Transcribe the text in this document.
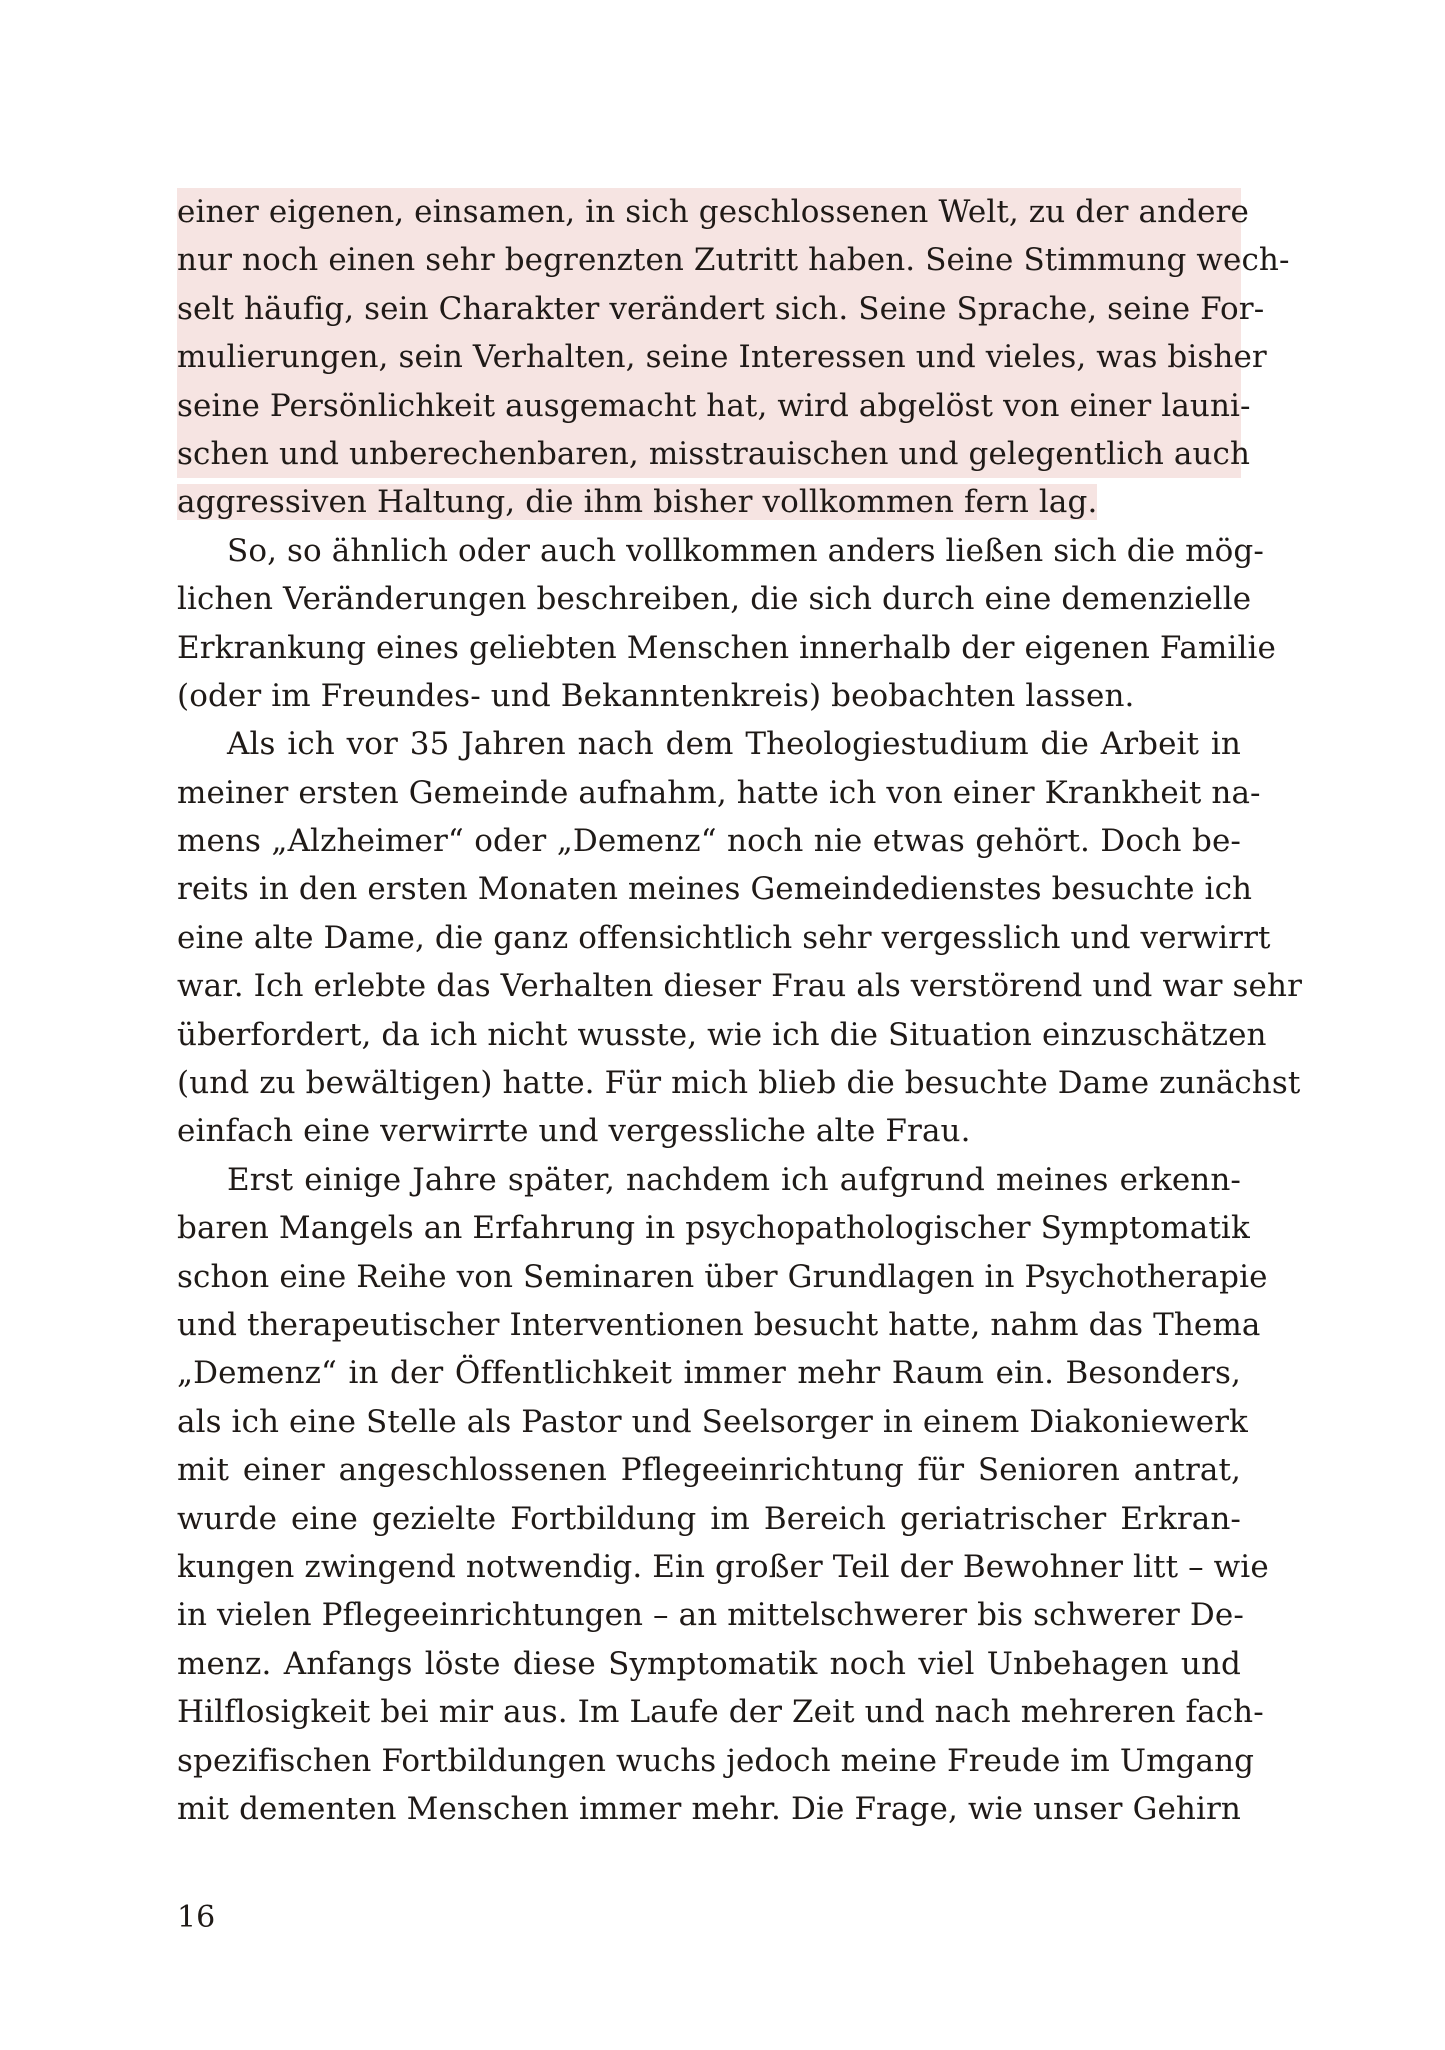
einer eigenen, einsamen, in sich geschlossenen Welt, zu der andere
nur noch einen sehr begrenzten Zutritt haben. Seine Stimmung wech-
selt häufig, sein Charakter verändert sich. Seine Sprache, seine For-
mulierungen, sein Verhalten, seine Interessen und vieles, was bisher
seine Persönlichkeit ausgemacht hat, wird abgelöst von einer launi-
schen und unberechenbaren, misstrauischen und gelegentlich auch
aggressiven Haltung, die ihm bisher vollkommen fern lag.
So, so ähnlich oder auch vollkommen anders ließen sich die mög-
lichen Veränderungen beschreiben, die sich durch eine demenzielle
Erkrankung eines geliebten Menschen innerhalb der eigenen Familie
(oder im Freundes- und Bekanntenkreis) beobachten lassen.
Als ich vor 35 Jahren nach dem Theologiestudium die Arbeit in
meiner ersten Gemeinde aufnahm, hatte ich von einer Krankheit na-
mens „Alzheimer“ oder „Demenz“ noch nie etwas gehört. Doch be-
reits in den ersten Monaten meines Gemeindedienstes besuchte ich
eine alte Dame, die ganz offensichtlich sehr vergesslich und verwirrt
war. Ich erlebte das Verhalten dieser Frau als verstörend und war sehr
überfordert, da ich nicht wusste, wie ich die Situation einzuschätzen
(und zu bewältigen) hatte. Für mich blieb die besuchte Dame zunächst
einfach eine verwirrte und vergessliche alte Frau.
Erst einige Jahre später, nachdem ich aufgrund meines erkenn-
baren Mangels an Erfahrung in psychopathologischer Symptomatik
schon eine Reihe von Seminaren über Grundlagen in Psychotherapie
und therapeutischer Interventionen besucht hatte, nahm das Thema
„Demenz“ in der Öffentlichkeit immer mehr Raum ein. Besonders,
als ich eine Stelle als Pastor und Seelsorger in einem Diakoniewerk
mit einer angeschlossenen Pflegeeinrichtung für Senioren antrat,
wurde eine gezielte Fortbildung im Bereich geriatrischer Erkran-
kungen zwingend notwendig. Ein großer Teil der Bewohner litt – wie
in vielen Pflegeeinrichtungen – an mittelschwerer bis schwerer De-
menz. Anfangs löste diese Symptomatik noch viel Unbehagen und
Hilflosigkeit bei mir aus. Im Laufe der Zeit und nach mehreren fach-
spezifischen Fortbildungen wuchs jedoch meine Freude im Umgang
mit dementen Menschen immer mehr. Die Frage, wie unser Gehirn
16
